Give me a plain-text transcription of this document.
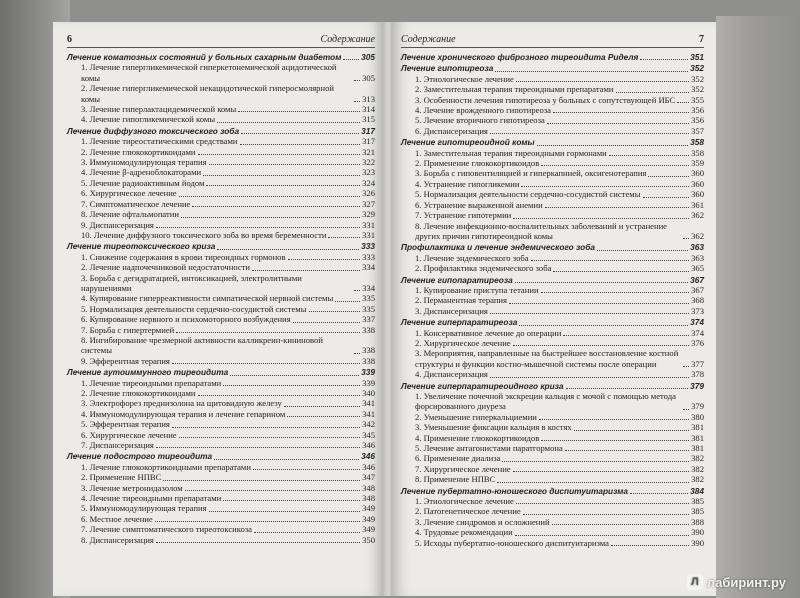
6	Содержание
Лечение коматозных состояний у больных сахарным диабетом 305
1. Лечение гипергликемической гиперкетонемической ацидотической комы	305
2. Лечение гипергликемической некацидотической гиперосмолярной комы	313
3. Лечение гиперлактацидемической комы	314
4. Лечение гипогликемической комы	315
Лечение диффузного токсического зоба	317
1. Лечение тиреостатическими средствами	317
2. Лечение глюкокортикоидами	321
3. Иммуномодулирующая терапия	322
4. Лечение β-адреноблокаторами	323
5. Лечение радиоактивным йодом	324
6. Хирургическое лечение	326
7. Симптоматическое лечение	327
8. Лечение офтальмопатии	329
9. Диспансеризация	331
10. Лечение диффузного токсического зоба во время беременности	331
Лечение тиреотоксического криза	333
1. Снижение содержания в крови тиреоидных гормонов	333
2. Лечение надпочечниковой недостаточности	334
3. Борьба с дегидратацией, интоксикацией, электролитными нарушениями	334
4. Купирование гиперреактивности симпатической нервной системы	335
5. Нормализация деятельности сердечно-сосудистой системы	335
6. Купирование нервного и психомоторного возбуждения	337
7. Борьба с гипертермией	338
8. Ингибирование чрезмерной активности калликреин-кининовой системы	338
9. Эфферентная терапия	338
Лечение аутоиммунного тиреоидита	339
1. Лечение тиреоидными препаратами	339
2. Лечение глюкокортикоидами	340
3. Электрофорез преднизолона на щитовидную железу	341
4. Иммуномодулирующая терапия и лечение гепарином	341
5. Эфферентная терапия	342
6. Хирургическое лечение	345
7. Диспансеризация	346
Лечение подострого тиреоидита	346
1. Лечение глюкокортикоидными препаратами	346
2. Применение НПВС	347
3. Лечение метронидазолом	348
4. Лечение тиреоидными препаратами	348
5. Иммуномодулирующая терапия	349
6. Местное лечение	349
7. Лечение симптоматического тиреотоксикоза	349
8. Диспансеризация	350
Содержание	7
Лечение хронического фиброзного тиреоидита Риделя	351
Лечение гипотиреоза	352
1. Этиологическое лечение	352
2. Заместительная терапия тиреоидными препаратами	352
3. Особенности лечения гипотиреоза у больных с сопутствующей ИБС 355
4. Лечение врожденного гипотиреоза	356
5. Лечение вторичного гипотиреоза	356
6. Диспансеризация	357
Лечение гипотиреоидной комы	358
1. Заместительная терапия тиреоидными гормонами	358
2. Применение глюкокортикоидов	359
3. Борьба с гиповентиляцией и гиперкапнией, оксигенотерапия	360
4. Устранение гипогликемии	360
5. Нормализация деятельности сердечно-сосудистой системы	360
6. Устранение выраженной анемии	361
7. Устранение гипотермии	362
8. Лечение инфекционно-воспалительных заболеваний и устранение других причин гипотиреоидной комы	362
Профилактика и лечение эндемического зоба	363
1. Лечение эндемического зоба	363
2. Профилактика эндемического зоба	365
Лечение гипопаратиреоза	367
1. Купирование приступа тетании	367
2. Перманентная терапия	368
3. Диспансеризация	373
Лечение гиперпаратиреоза	374
1. Консервативное лечение до операции	374
2. Хирургическое лечение	376
3. Мероприятия, направленные на быстрейшее восстановление костной структуры и функции костно-мышечной системы после операции	377
4. Диспансеризация	378
Лечение гиперпаратиреоидного криза	379
1. Увеличение почечной экскреции кальция с мочой с помощью метода форсированного диуреза	379
2. Уменьшение гиперкальциемии	380
3. Уменьшение фиксации кальция в костях	381
4. Применение глюкокортикоидов	381
5. Лечение антагонистами паратгормона	381
6. Применение диализа	382
7. Хирургическое лечение	382
8. Применение НПВС	382
Лечение пубертатно-юношеского диспитуитаризма	384
1. Этиологическое лечение	385
2. Патогенетическое лечение	385
3. Лечение синдромов и осложнений	388
4. Трудовые рекомендации	390
5. Исходы пубертатно-юношеского диспитуитаризма	390
Л лабиринт.ру
